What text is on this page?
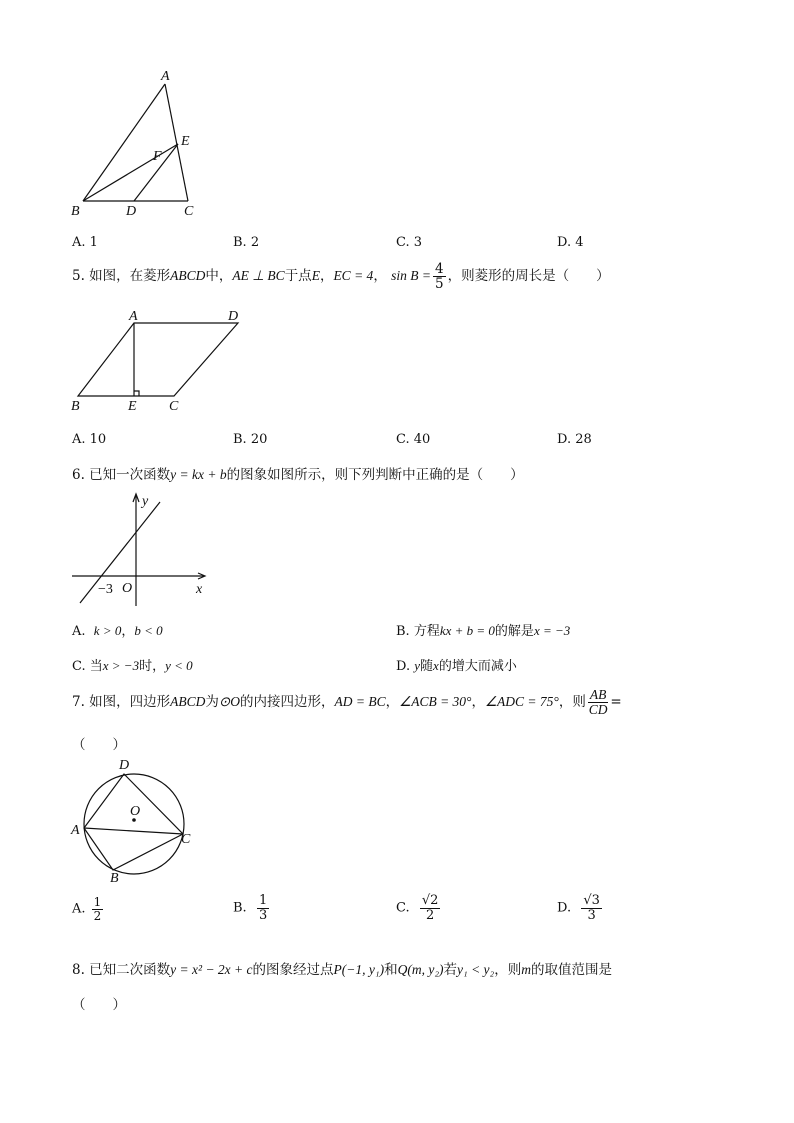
A
E
F
B	D	C
A. 1	B. 2	C. 3	D. 4
5. 如图，在菱形ABCD中，AE ⊥ BC于点E，EC = 4， $\sin B = \frac{4}{5}$ ，则菱形的周长是（　　）
A	D
B	E C
A. 10	B. 20	C. 40	D. 28
6. 已知一次函数y = kx + b的图象如图所示，则下列判断中正确的是（　　）
y
x
O
−3
A. k > 0，b < 0	B. 方程kx + b = 0的解是x = −3
C. 当x > −3时，y < 0	D. y随x的增大而减小
7. 如图，四边形ABCD为⊙O的内接四边形，AD = BC，∠ACB = 30°，∠ADC = 75°，则 $\frac{AB}{CD}$ =
（　　）
D
O
A
C
B
A. $\frac{1}{2}$	B. $\frac{1}{3}$	C. $\frac{√2}{2}$	D. $\frac{√3}{3}$
8. 已知二次函数y = x² − 2x + c的图象经过点P(−1, y₁)和Q(m, y₂)若y₁ < y₂，则m的取值范围是
（　　）
